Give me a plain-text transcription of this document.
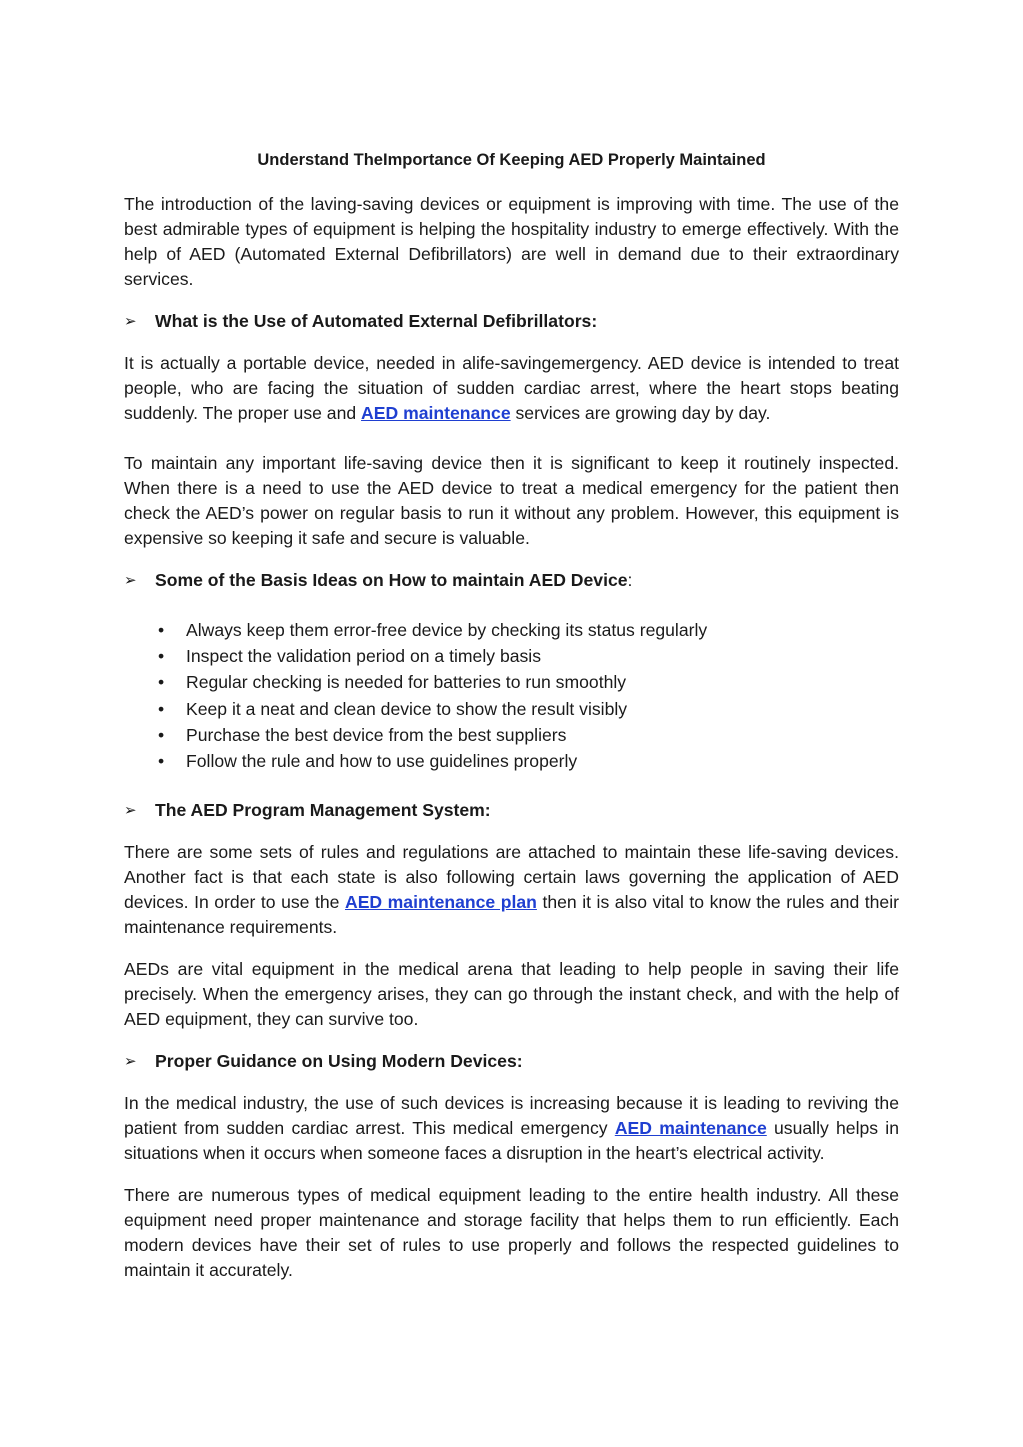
Understand TheImportance Of Keeping AED Properly Maintained

The introduction of the laving-saving devices or equipment is improving with time. The use of the best admirable types of equipment is helping the hospitality industry to emerge effectively. With the help of AED (Automated External Defibrillators) are well in demand due to their extraordinary services.

➢ What is the Use of Automated External Defibrillators:

It is actually a portable device, needed in alife-savingemergency. AED device is intended to treat people, who are facing the situation of sudden cardiac arrest, where the heart stops beating suddenly. The proper use and AED maintenance services are growing day by day.

To maintain any important life-saving device then it is significant to keep it routinely inspected. When there is a need to use the AED device to treat a medical emergency for the patient then check the AED’s power on regular basis to run it without any problem. However, this equipment is expensive so keeping it safe and secure is valuable.

➢ Some of the Basis Ideas on How to maintain AED Device:
• Always keep them error-free device by checking its status regularly
• Inspect the validation period on a timely basis
• Regular checking is needed for batteries to run smoothly
• Keep it a neat and clean device to show the result visibly
• Purchase the best device from the best suppliers
• Follow the rule and how to use guidelines properly
➢ The AED Program Management System:

There are some sets of rules and regulations are attached to maintain these life-saving devices. Another fact is that each state is also following certain laws governing the application of AED devices. In order to use the AED maintenance plan then it is also vital to know the rules and their maintenance requirements.

AEDs are vital equipment in the medical arena that leading to help people in saving their life precisely. When the emergency arises, they can go through the instant check, and with the help of AED equipment, they can survive too.

➢ Proper Guidance on Using Modern Devices:

In the medical industry, the use of such devices is increasing because it is leading to reviving the patient from sudden cardiac arrest. This medical emergency AED maintenance usually helps in situations when it occurs when someone faces a disruption in the heart’s electrical activity.

There are numerous types of medical equipment leading to the entire health industry. All these equipment need proper maintenance and storage facility that helps them to run efficiently. Each modern devices have their set of rules to use properly and follows the respected guidelines to maintain it accurately.
